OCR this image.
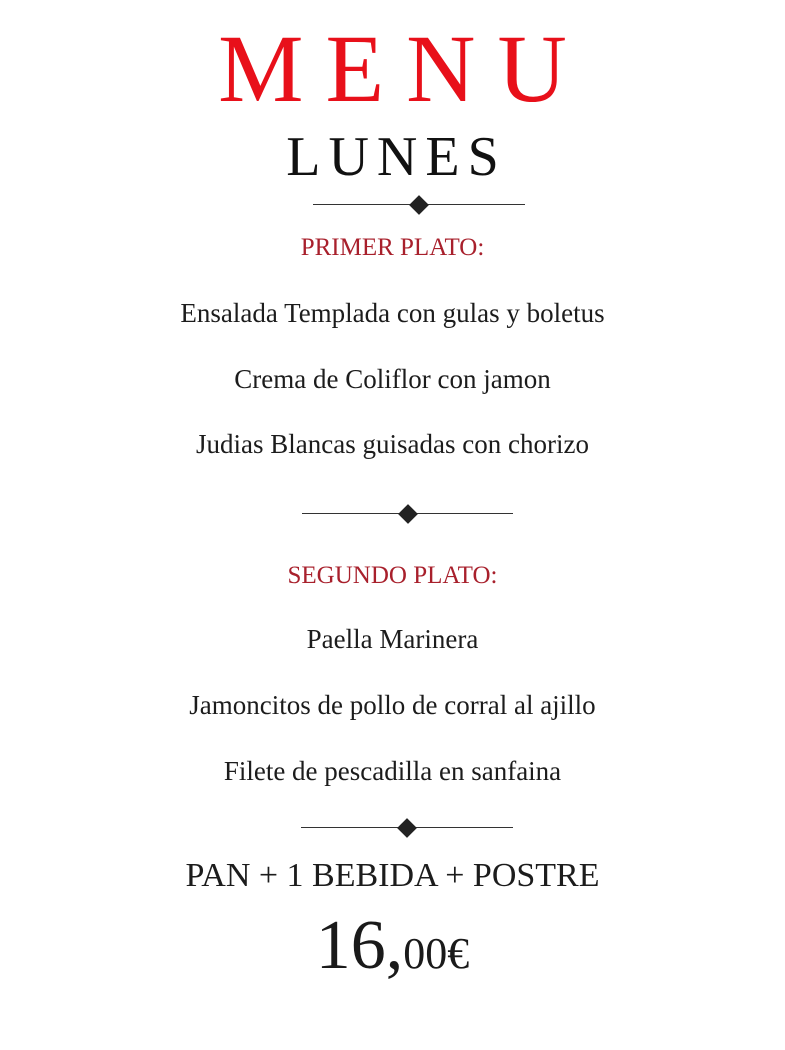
MENU
LUNES
PRIMER PLATO:
Ensalada Templada con gulas y boletus
Crema de Coliflor con jamon
Judias Blancas guisadas con chorizo
SEGUNDO PLATO:
Paella Marinera
Jamoncitos de pollo de corral al ajillo
Filete de pescadilla en sanfaina
PAN + 1 BEBIDA + POSTRE
16,00€
